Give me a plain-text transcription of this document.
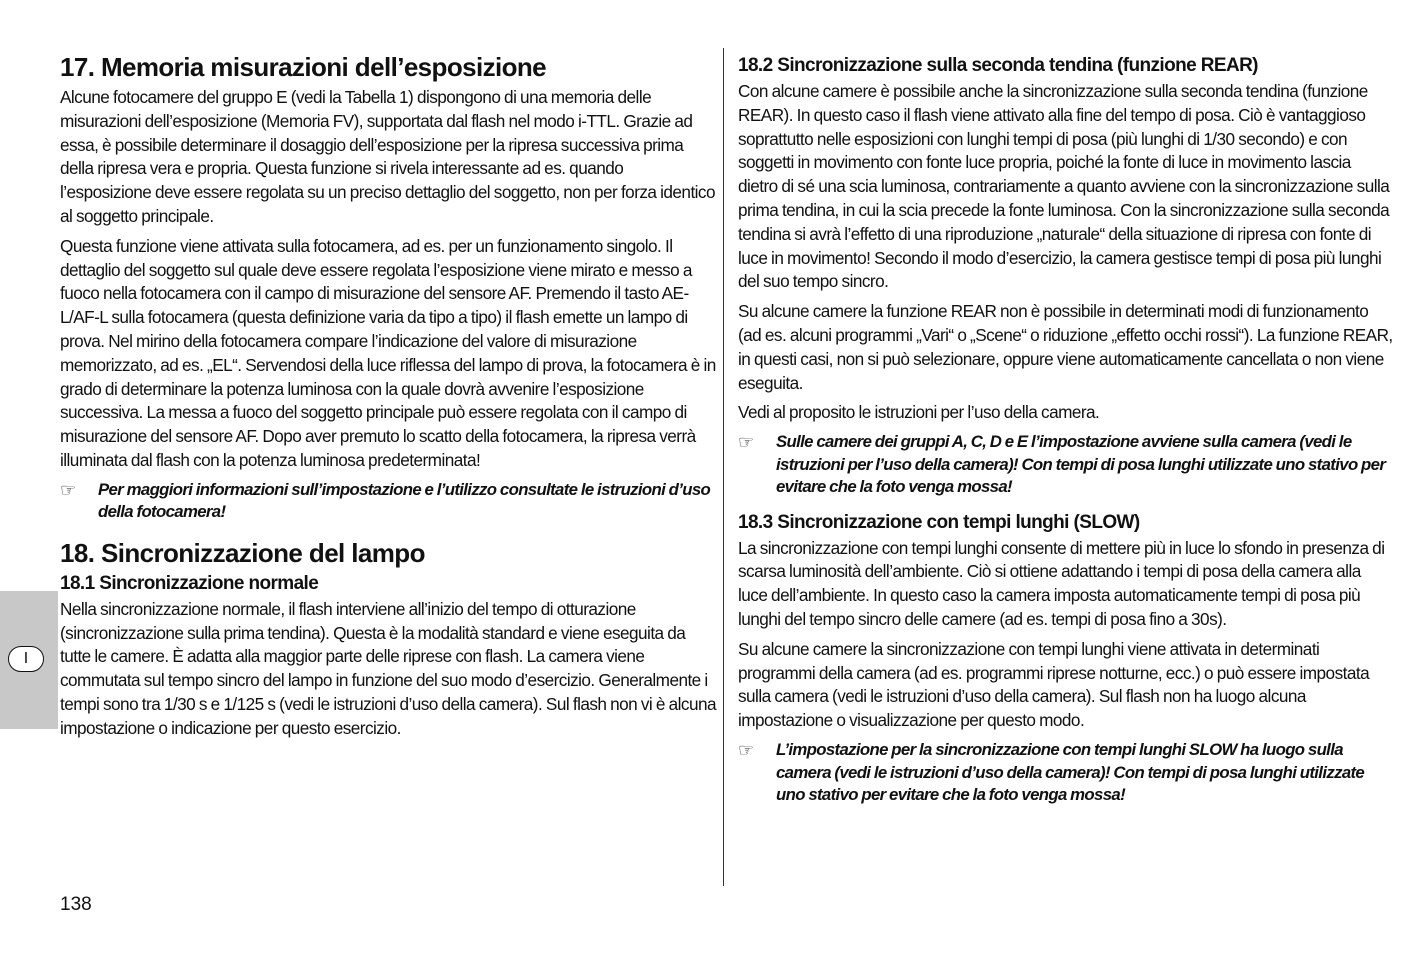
I
17. Memoria misurazioni dell’esposizione

Alcune fotocamere del gruppo E (vedi la Tabella 1) dispongono di una memoria delle misurazioni dell’esposizione (Memoria FV), supportata dal flash nel modo i-TTL. Grazie ad essa, è possibile determinare il dosaggio dell’esposizione per la ripresa successiva prima della ripresa vera e propria. Questa funzione si rivela interessante ad es. quando l’esposizione deve essere regolata su un preciso dettaglio del soggetto, non per forza identico al soggetto principale.

Questa funzione viene attivata sulla fotocamera, ad es. per un funzionamento singolo. Il dettaglio del soggetto sul quale deve essere regolata l’esposizione viene mirato e messo a fuoco nella fotocamera con il campo di misurazione del sensore AF. Premendo il tasto AE-L/AF-L sulla fotocamera (questa definizione varia da tipo a tipo) il flash emette un lampo di prova. Nel mirino della fotocamera compare l’indicazione del valore di misurazione memorizzato, ad es. „EL“. Servendosi della luce riflessa del lampo di prova, la fotocamera è in grado di determinare la potenza luminosa con la quale dovrà avvenire l’esposizione successiva. La messa a fuoco del soggetto principale può essere regolata con il campo di misurazione del sensore AF. Dopo aver premuto lo scatto della fotocamera, la ripresa verrà illuminata dal flash con la potenza luminosa predeterminata!

☞	Per maggiori informazioni sull’impostazione e l’utilizzo consultate le istruzioni d’uso della fotocamera!

18. Sincronizzazione del lampo
18.1 Sincronizzazione normale

Nella sincronizzazione normale, il flash interviene all’inizio del tempo di otturazione (sincronizzazione sulla prima tendina). Questa è la modalità standard e viene eseguita da tutte le camere. È adatta alla maggior parte delle riprese con flash. La camera viene commutata sul tempo sincro del lampo in funzione del suo modo d’esercizio. Generalmente i tempi sono tra 1/30 s e 1/125 s (vedi le istruzioni d’uso della camera). Sul flash non vi è alcuna impostazione o indicazione per questo esercizio.

18.2 Sincronizzazione sulla seconda tendina (funzione REAR)

Con alcune camere è possibile anche la sincronizzazione sulla seconda tendina (funzione REAR). In questo caso il flash viene attivato alla fine del tempo di posa. Ciò è vantaggioso soprattutto nelle esposizioni con lunghi tempi di posa (più lunghi di 1/30 secondo) e con soggetti in movimento con fonte luce propria, poiché la fonte di luce in movimento lascia dietro di sé una scia luminosa, contrariamente a quanto avviene con la sincronizzazione sulla prima tendina, in cui la scia precede la fonte luminosa. Con la sincronizzazione sulla seconda tendina si avrà l’effetto di una riproduzione „naturale“ della situazione di ripresa con fonte di luce in movimento! Secondo il modo d’esercizio, la camera gestisce tempi di posa più lunghi del suo tempo sincro.

Su alcune camere la funzione REAR non è possibile in determinati modi di funzionamento (ad es. alcuni programmi „Vari“ o „Scene“ o riduzione „effetto occhi rossi“). La funzione REAR, in questi casi, non si può selezionare, oppure viene automaticamente cancellata o non viene eseguita.

Vedi al proposito le istruzioni per l’uso della camera.

☞	Sulle camere dei gruppi A, C, D e E l’impostazione avviene sulla camera (vedi le istruzioni per l’uso della camera)! Con tempi di posa lunghi utilizzate uno stativo per evitare che la foto venga mossa!

18.3 Sincronizzazione con tempi lunghi (SLOW)

La sincronizzazione con tempi lunghi consente di mettere più in luce lo sfondo in presenza di scarsa luminosità dell’ambiente. Ciò si ottiene adattando i tempi di posa della camera alla luce dell’ambiente. In questo caso la camera imposta automaticamente tempi di posa più lunghi del tempo sincro delle camere (ad es. tempi di posa fino a 30s).

Su alcune camere la sincronizzazione con tempi lunghi viene attivata in determinati programmi della camera (ad es. programmi riprese notturne, ecc.) o può essere impostata sulla camera (vedi le istruzioni d’uso della camera). Sul flash non ha luogo alcuna impostazione o visualizzazione per questo modo.

☞	L’impostazione per la sincronizzazione con tempi lunghi SLOW ha luogo sulla camera (vedi le istruzioni d’uso della camera)! Con tempi di posa lunghi utilizzate uno stativo per evitare che la foto venga mossa!

138
